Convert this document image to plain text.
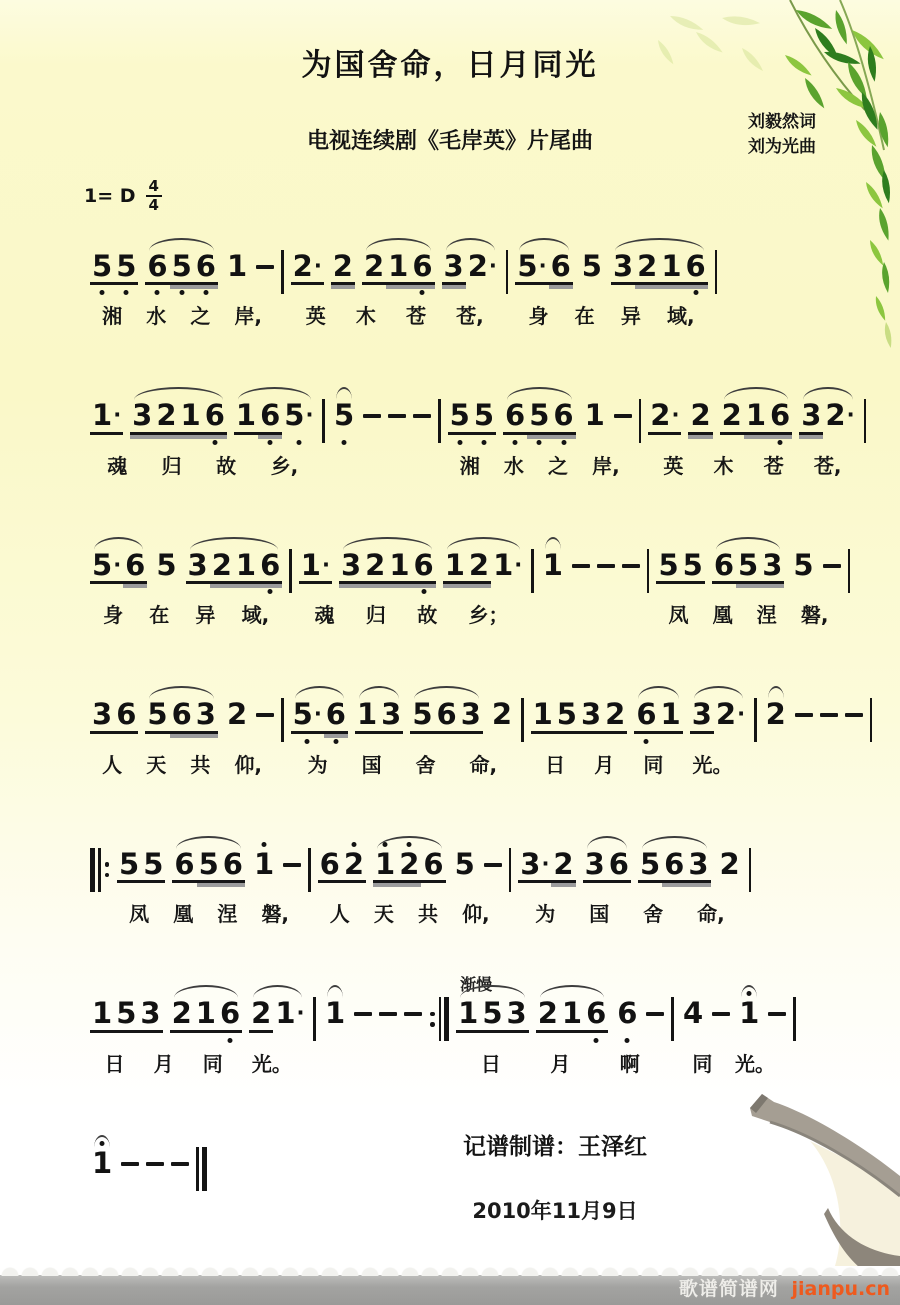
为国舍命，日月同光
电视连续剧《毛岸英》片尾曲
刘毅然词
刘为光曲
1= D $\frac{4}{4}$
5 5 6 5 6 1
湘 水 之 岸,
2· 2 2 1 6 3 2·
英 木 苍 苍,
5· 6 5 3 2 1 6
身 在 异 域,
1· 3 2 1 6 1 6 5·
魂 归 故 乡,
5	5 5 6 5 6 1
湘 水 之 岸,
2· 2 2 1 6 3 2·
英 木 苍 苍,
5· 6 5 3 2 1 6
身 在 异 域,
1· 3 2 1 6 1 2 1·
魂 归 故 乡；
1	5 5 6 5 3 5
凤 凰 涅 磐,
3 6 5 6 3 2
人 天 共 仰,
5· 6 1 3 5 6 3 2
为 国 舍 命,
1 5 3 2 6 1 3 2·
日 月 同 光。
2
5 5 6 5 6 1
凤 凰 涅 磐,
6 2 1 2 6 5
人 天 共 仰,
3· 2 3 6 5 6 3 2
为 国 舍 命,
1 5 3 2 1 6 2 1·
日 月 同 光。
1
渐慢
1 5 3 2 1 6 6
日 月 啊
4 1
同 光。
1	记谱制谱：王泽红
2010年11月9日
歌谱简谱网 jianpu.cn
